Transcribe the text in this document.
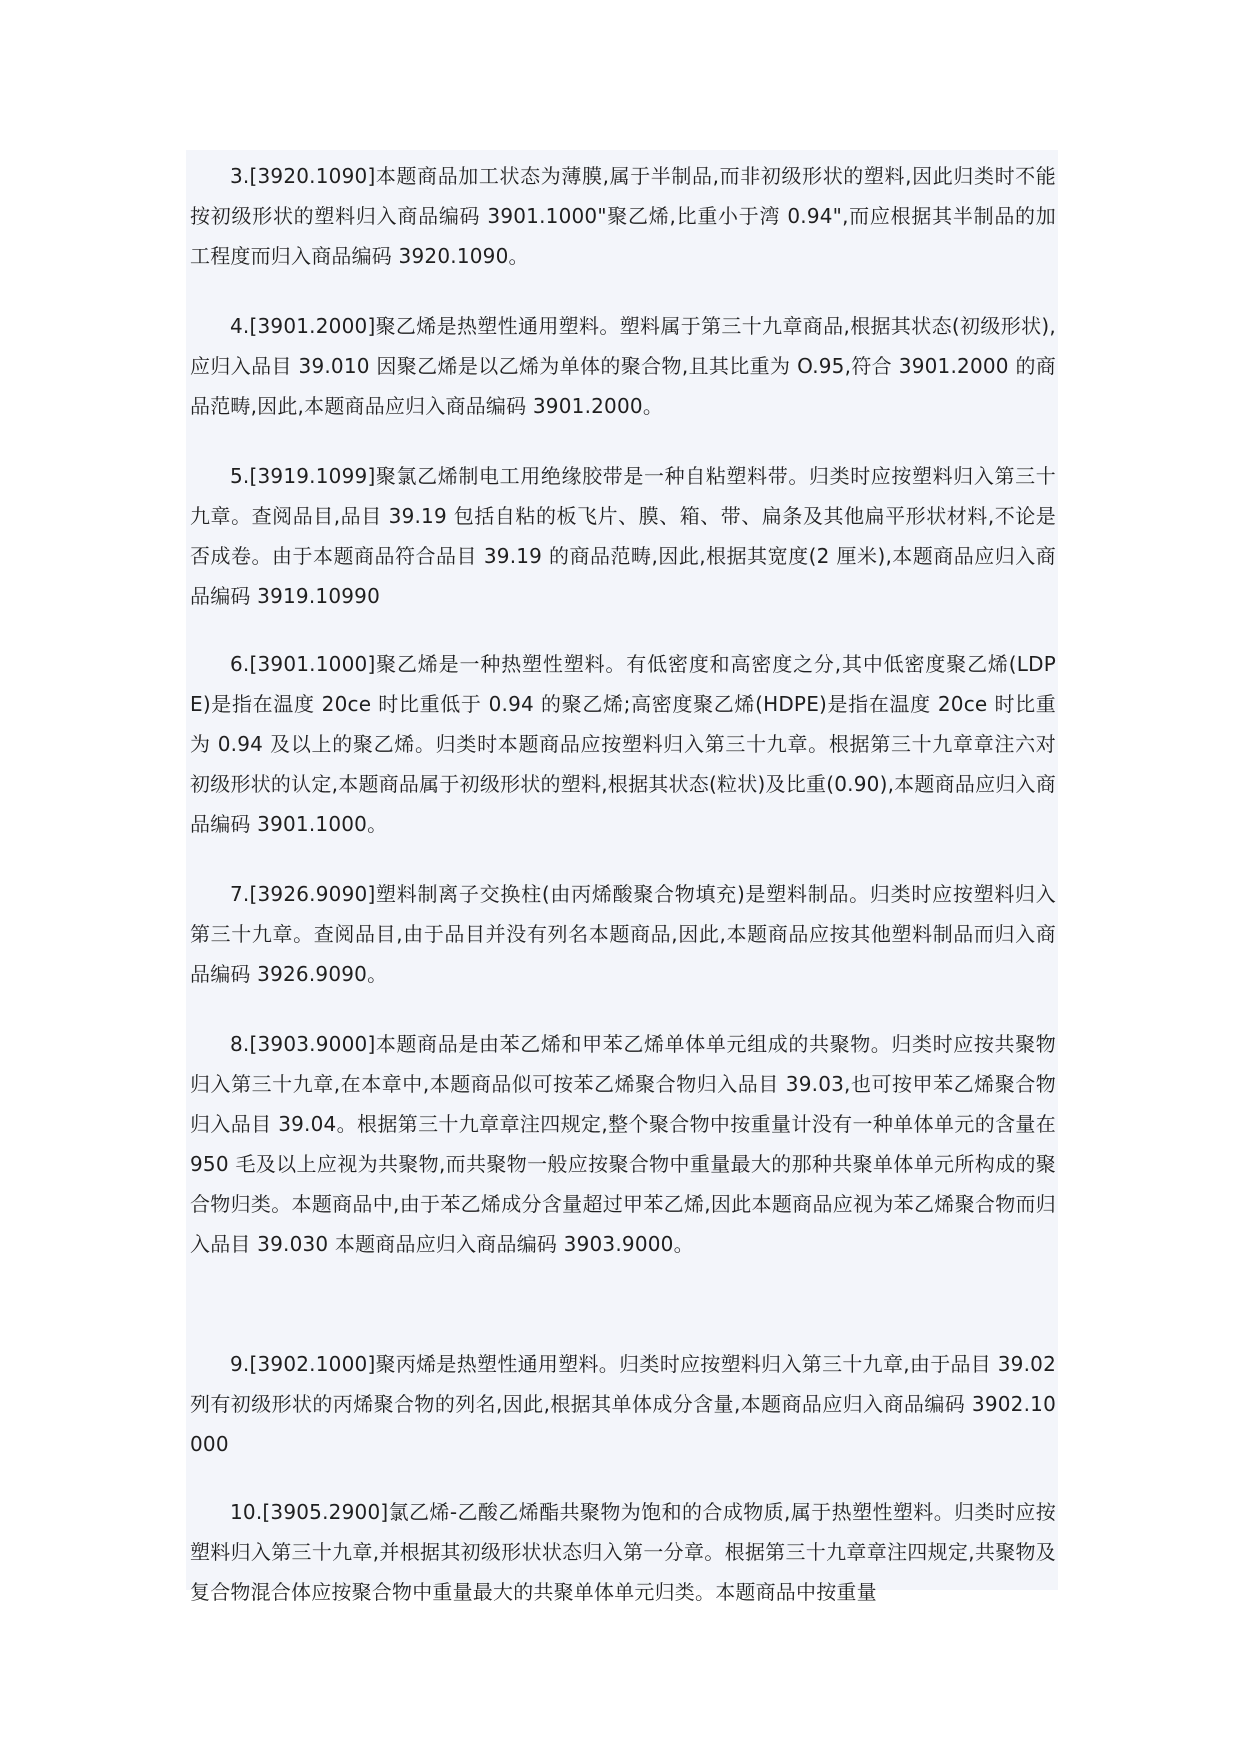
3.[3920.1090]本题商品加工状态为薄膜,属于半制品,而非初级形状的塑料,因此归类时不能按初级形状的塑料归入商品编码 3901.1000"聚乙烯,比重小于湾 0.94",而应根据其半制品的加工程度而归入商品编码 3920.1090。

4.[3901.2000]聚乙烯是热塑性通用塑料。塑料属于第三十九章商品,根据其状态(初级形状),应归入品目 39.010 因聚乙烯是以乙烯为单体的聚合物,且其比重为 O.95,符合 3901.2000 的商品范畴,因此,本题商品应归入商品编码 3901.2000。

5.[3919.1099]聚氯乙烯制电工用绝缘胶带是一种自粘塑料带。归类时应按塑料归入第三十九章。查阅品目,品目 39.19 包括自粘的板飞片、膜、箱、带、扁条及其他扁平形状材料,不论是否成卷。由于本题商品符合品目 39.19 的商品范畴,因此,根据其宽度(2 厘米),本题商品应归入商品编码 3919.10990

6.[3901.1000]聚乙烯是一种热塑性塑料。有低密度和高密度之分,其中低密度聚乙烯(LDPE)是指在温度 20ce 时比重低于 0.94 的聚乙烯;高密度聚乙烯(HDPE)是指在温度 20ce 时比重为 0.94 及以上的聚乙烯。归类时本题商品应按塑料归入第三十九章。根据第三十九章章注六对初级形状的认定,本题商品属于初级形状的塑料,根据其状态(粒状)及比重(0.90),本题商品应归入商品编码 3901.1000。

7.[3926.9090]塑料制离子交换柱(由丙烯酸聚合物填充)是塑料制品。归类时应按塑料归入第三十九章。查阅品目,由于品目并没有列名本题商品,因此,本题商品应按其他塑料制品而归入商品编码 3926.9090。

8.[3903.9000]本题商品是由苯乙烯和甲苯乙烯单体单元组成的共聚物。归类时应按共聚物归入第三十九章,在本章中,本题商品似可按苯乙烯聚合物归入品目 39.03,也可按甲苯乙烯聚合物归入品目 39.04。根据第三十九章章注四规定,整个聚合物中按重量计没有一种单体单元的含量在 950 毛及以上应视为共聚物,而共聚物一般应按聚合物中重量最大的那种共聚单体单元所构成的聚合物归类。本题商品中,由于苯乙烯成分含量超过甲苯乙烯,因此本题商品应视为苯乙烯聚合物而归入品目 39.030 本题商品应归入商品编码 3903.9000。

9.[3902.1000]聚丙烯是热塑性通用塑料。归类时应按塑料归入第三十九章,由于品目 39.02 列有初级形状的丙烯聚合物的列名,因此,根据其单体成分含量,本题商品应归入商品编码 3902.10000

10.[3905.2900]氯乙烯-乙酸乙烯酯共聚物为饱和的合成物质,属于热塑性塑料。归类时应按塑料归入第三十九章,并根据其初级形状状态归入第一分章。根据第三十九章章注四规定,共聚物及复合物混合体应按聚合物中重量最大的共聚单体单元归类。本题商品中按重量
